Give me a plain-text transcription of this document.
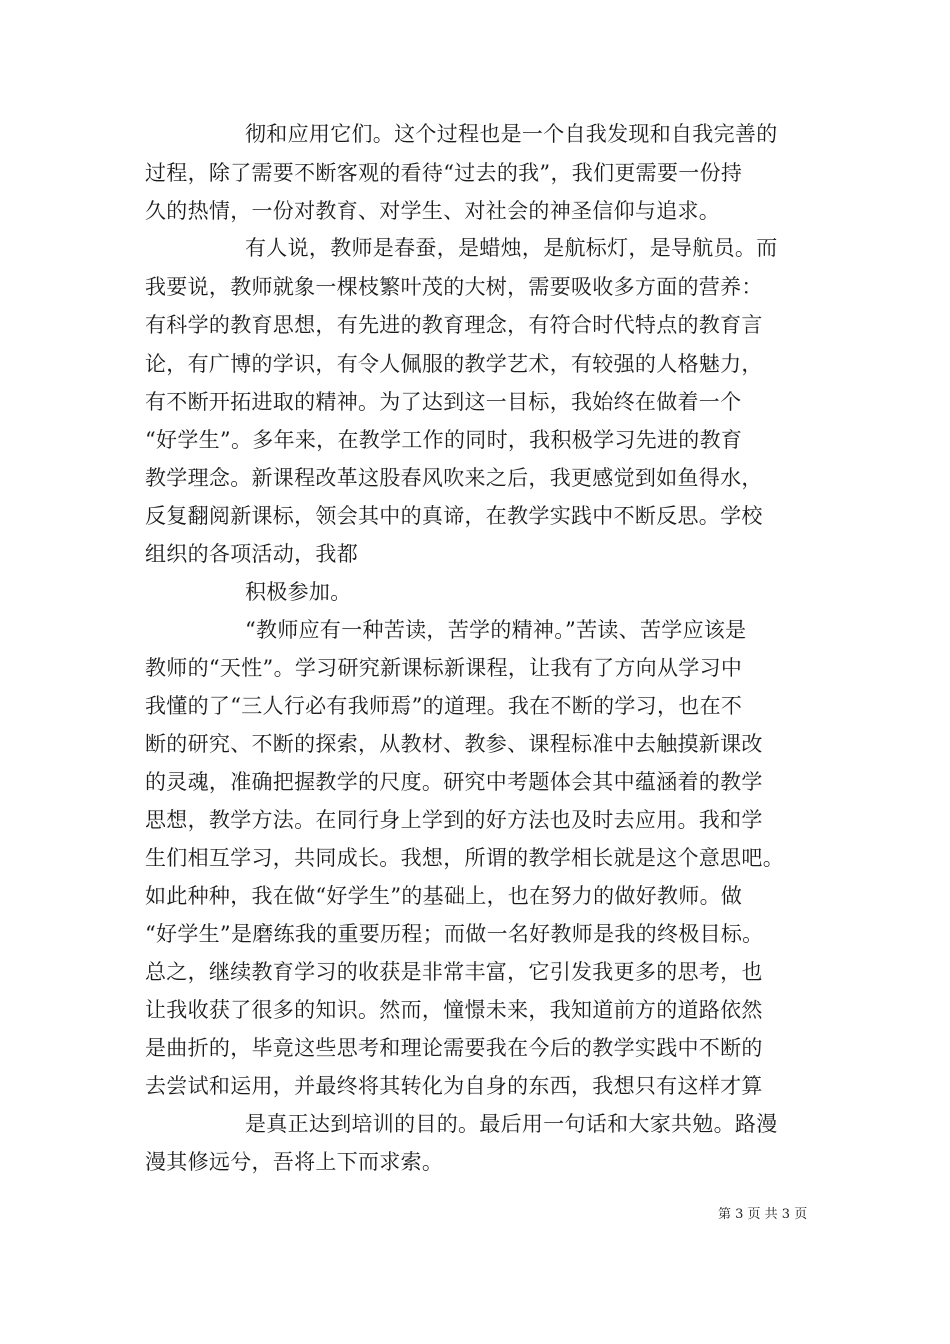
彻和应用它们。这个过程也是一个自我发现和自我完善的
过程，除了需要不断客观的看待“过去的我”，我们更需要一份持
久的热情，一份对教育、对学生、对社会的神圣信仰与追求。
有人说，教师是春蚕，是蜡烛，是航标灯，是导航员。而
我要说，教师就象一棵枝繁叶茂的大树，需要吸收多方面的营养：
有科学的教育思想，有先进的教育理念，有符合时代特点的教育言
论，有广博的学识，有令人佩服的教学艺术，有较强的人格魅力，
有不断开拓进取的精神。为了达到这一目标，我始终在做着一个
“好学生”。多年来，在教学工作的同时，我积极学习先进的教育
教学理念。新课程改革这股春风吹来之后，我更感觉到如鱼得水，
反复翻阅新课标，领会其中的真谛，在教学实践中不断反思。学校
组织的各项活动，我都
积极参加。
“教师应有一种苦读，苦学的精神。”苦读、苦学应该是
教师的“天性”。学习研究新课标新课程，让我有了方向从学习中
我懂的了“三人行必有我师焉”的道理。我在不断的学习，也在不
断的研究、不断的探索，从教材、教参、课程标准中去触摸新课改
的灵魂，准确把握教学的尺度。研究中考题体会其中蕴涵着的教学
思想，教学方法。在同行身上学到的好方法也及时去应用。我和学
生们相互学习，共同成长。我想，所谓的教学相长就是这个意思吧。
如此种种，我在做“好学生”的基础上，也在努力的做好教师。做
“好学生”是磨练我的重要历程；而做一名好教师是我的终极目标。
总之，继续教育学习的收获是非常丰富，它引发我更多的思考，也
让我收获了很多的知识。然而，憧憬未来，我知道前方的道路依然
是曲折的，毕竟这些思考和理论需要我在今后的教学实践中不断的
去尝试和运用，并最终将其转化为自身的东西，我想只有这样才算
是真正达到培训的目的。最后用一句话和大家共勉。路漫
漫其修远兮，吾将上下而求索。
第 3 页 共 3 页
